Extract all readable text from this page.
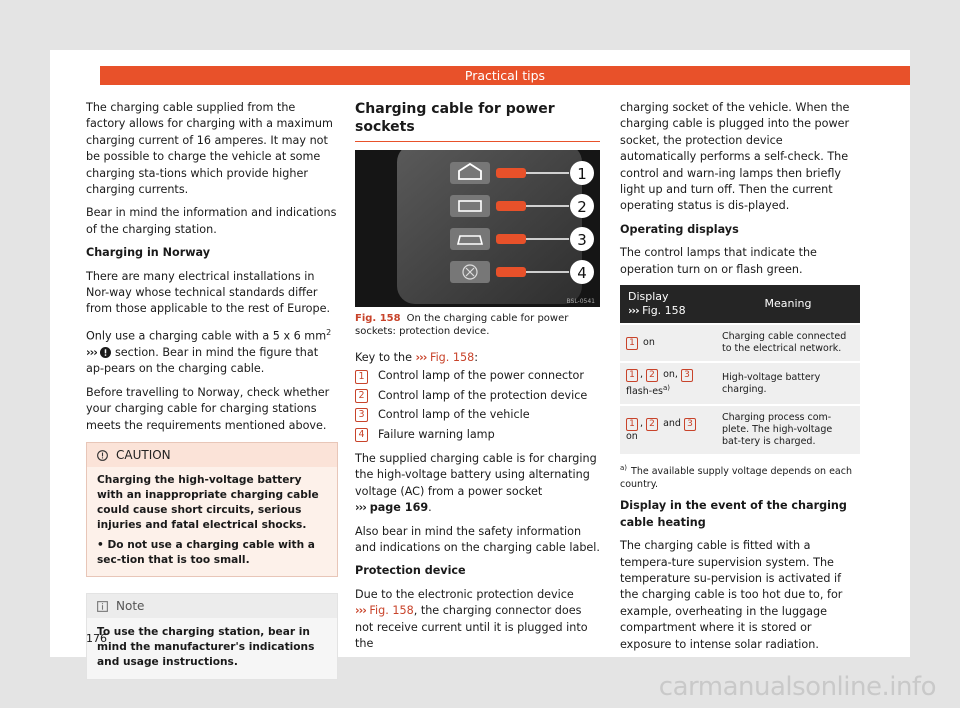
Practical tips

The charging cable supplied from the factory allows for charging with a maximum charging current of 16 amperes. It may not be possible to charge the vehicle at some charging sta-tions which provide higher charging currents.

Bear in mind the information and indications of the charging station.

Charging in Norway

There are many electrical installations in Nor-way whose technical standards differ from those applicable to the rest of Europe.

Only use a charging cable with a 5 x 6 $mm^2$
›››  section. Bear in mind the figure that ap-pears on the charging cable.

Before travelling to Norway, check whether your charging cable for charging stations meets the requirements mentioned above.

CAUTION

Charging the high-voltage battery with an inappropriate charging cable could cause short circuits, serious injuries and fatal electrical shocks.

• Do not use a charging cable with a sec-tion that is too small.

Note
To use the charging station, bear in mind the manufacturer's indications and usage instructions.
176
Charging cable for power sockets
1
2
3
4
BSL-0541
Fig. 158 On the charging cable for power sockets: protection device.

Key to the ››› Fig. 158:

1	Control lamp of the power connector
2	Control lamp of the protection device
3	Control lamp of the vehicle
4	Failure warning lamp

The supplied charging cable is for charging the high-voltage battery using alternating voltage (AC) from a power socket
››› page 169.

Also bear in mind the safety information and indications on the charging cable label.

Protection device

Due to the electronic protection device
››› Fig. 158, the charging connector does not receive current until it is plugged into the

charging socket of the vehicle. When the charging cable is plugged into the power socket, the protection device automatically performs a self-check. The control and warn-ing lamps then briefly light up and turn off. Then the current operating status is dis-played.

Operating displays

The control lamps that indicate the operation turn on or flash green.

Display
››› Fig. 158	Meaning
1 on	Charging cable connected to the electrical network.
1 , 2 on, 3 flash-$es^{a)}$	High-voltage battery charging.
1 , 2 and 3 on	Charging process com-plete. The high-voltage bat-tery is charged.

$^{a)}$ The available supply voltage depends on each country.

Display in the event of the charging cable heating

The charging cable is fitted with a tempera-ture supervision system. The temperature su-pervision is activated if the charging cable is too hot due to, for example, overheating in the luggage compartment where it is stored or exposure to intense solar radiation.

carmanualsonline.info
